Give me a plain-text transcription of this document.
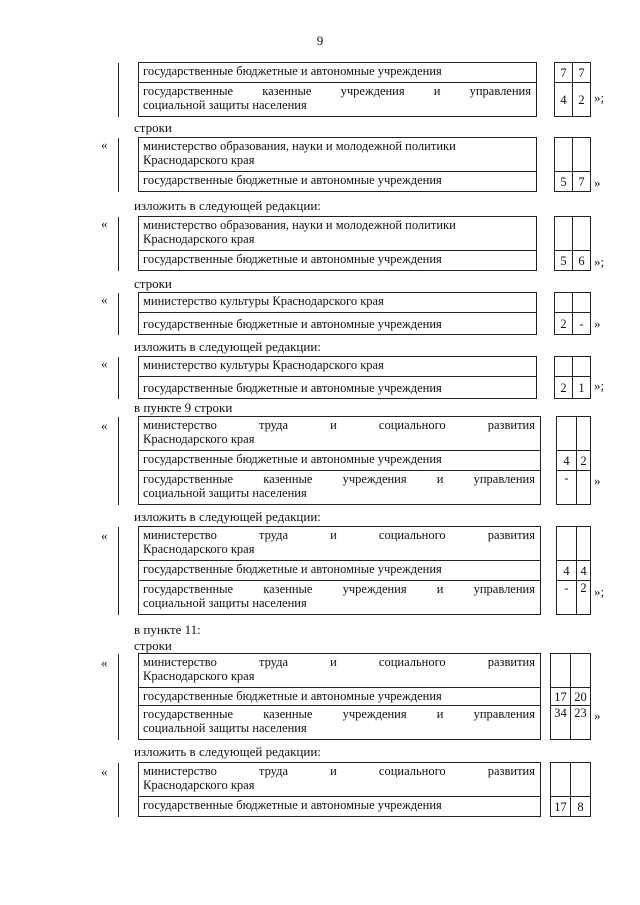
9
	государственные бюджетные и автономные учреждения		7	7
	государственные казенные учреждения и управления
социальной защиты населения		4	2 »;
строки
«
		министерство образования, науки и молодежной политики
Краснодарского края			
	государственные бюджетные и автономные учреждения		5	7 »
изложить в следующей редакции:
«
		министерство образования, науки и молодежной политики
Краснодарского края			
	государственные бюджетные и автономные учреждения		5	6 »;
строки
«
		министерство культуры Краснодарского края			
	государственные бюджетные и автономные учреждения		2	- »
изложить в следующей редакции:
«
		министерство культуры Краснодарского края			
	государственные бюджетные и автономные учреждения		2	1 »;
в пункте 9 строки
«
		министерство труда и социального развития
Краснодарского края			

	государственные бюджетные и автономные учреждения		4	2
	государственные казенные учреждения и управления
социальной защиты населения		-	»
изложить в следующей редакции:
«
		министерство труда и социального развития
Краснодарского края			

	государственные бюджетные и автономные учреждения		4	4
	государственные казенные учреждения и управления
социальной защиты населения		-	2 »;
в пункте 11:
строки
«
		министерство труда и социального развития
Краснодарского края			

	государственные бюджетные и автономные учреждения		17	20
	государственные казенные учреждения и управления
социальной защиты населения		34	23 »
изложить в следующей редакции:
«
		министерство труда и социального развития
Краснодарского края			

	государственные бюджетные и автономные учреждения		17	8
